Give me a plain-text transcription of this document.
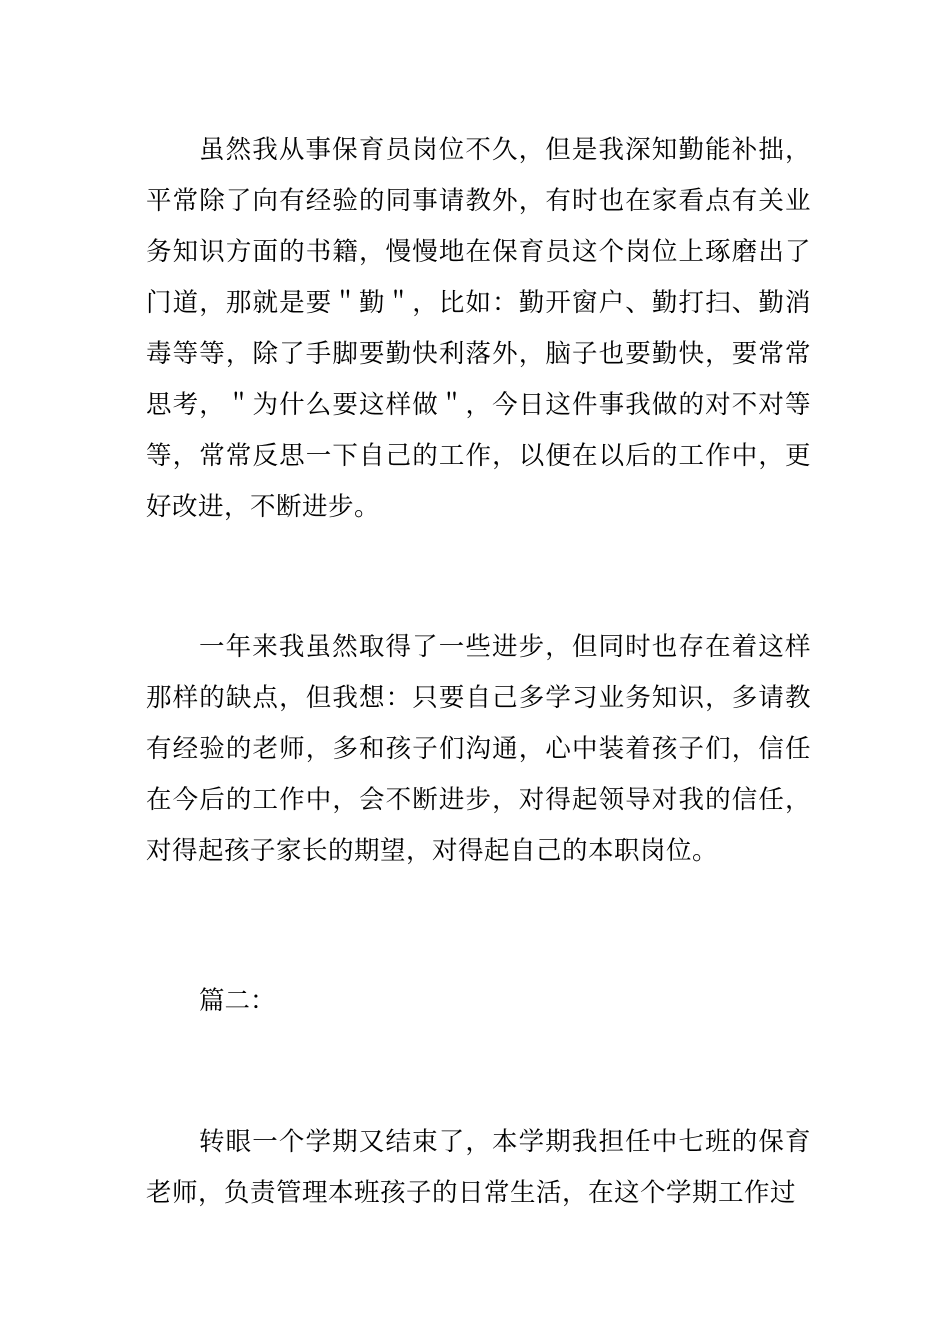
虽然我从事保育员岗位不久，但是我深知勤能补拙，平常除了向有经验的同事请教外，有时也在家看点有关业务知识方面的书籍，慢慢地在保育员这个岗位上琢磨出了门道，那就是要＂勤＂，比如：勤开窗户、勤打扫、勤消毒等等，除了手脚要勤快利落外，脑子也要勤快，要常常思考，＂为什么要这样做＂，今日这件事我做的对不对等等，常常反思一下自己的工作，以便在以后的工作中，更好改进，不断进步。

一年来我虽然取得了一些进步，但同时也存在着这样那样的缺点，但我想：只要自己多学习业务知识，多请教有经验的老师，多和孩子们沟通，心中装着孩子们，信任在今后的工作中，会不断进步，对得起领导对我的信任，对得起孩子家长的期望，对得起自己的本职岗位。

篇二：

转眼一个学期又结束了，本学期我担任中七班的保育老师，负责管理本班孩子的日常生活，在这个学期工作过
